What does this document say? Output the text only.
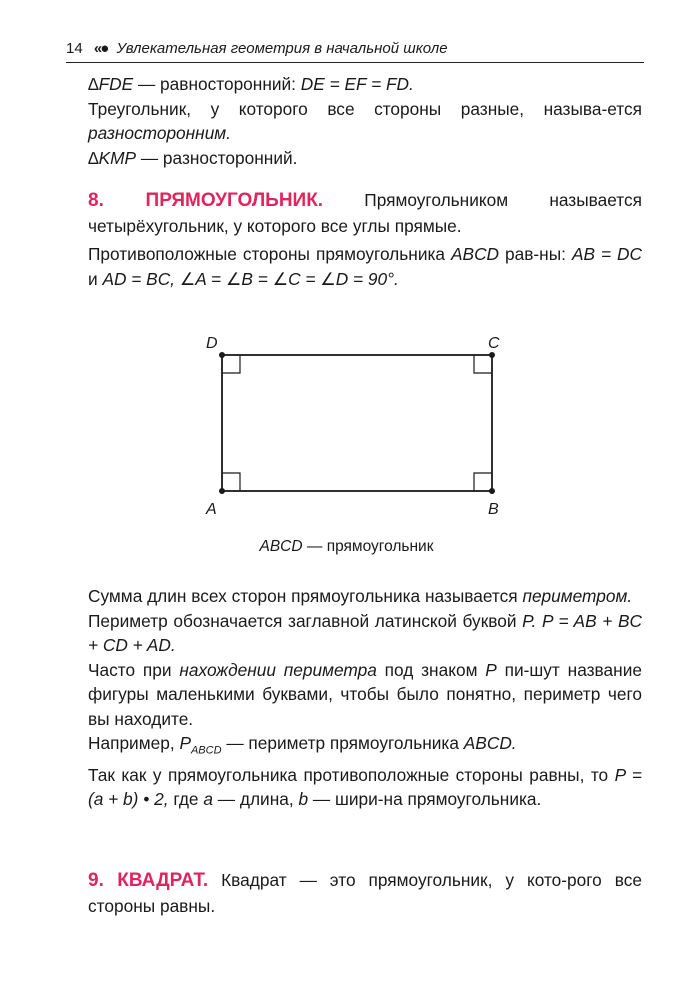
14 «● Увлекательная геометрия в начальной школе

∆FDE — равносторонний: DE = EF = FD.

Треугольник, у которого все стороны разные, называ-ется разносторонним.

∆KMP — разносторонний.

8. ПРЯМОУГОЛЬНИК. Прямоугольником называется четырёхугольник, у которого все углы прямые.

Противоположные стороны прямоугольника ABCD рав-ны: AB = DC и AD = BC, ∠A = ∠B = ∠C = ∠D = 90°.

D	C
A	B
ABCD — прямоугольник

Сумма длин всех сторон прямоугольника называется периметром.

Периметр обозначается заглавной латинской буквой P. P = AB + BC + CD + AD.

Часто при нахождении периметра под знаком P пи-шут название фигуры маленькими буквами, чтобы было понятно, периметр чего вы находите.

Например, $P_{ABCD}$ — периметр прямоугольника ABCD.

Так как у прямоугольника противоположные стороны равны, то P = (a + b) • 2, где a — длина, b — шири-на прямоугольника.

9. КВАДРАТ. Квадрат — это прямоугольник, у кото-рого все стороны равны.
